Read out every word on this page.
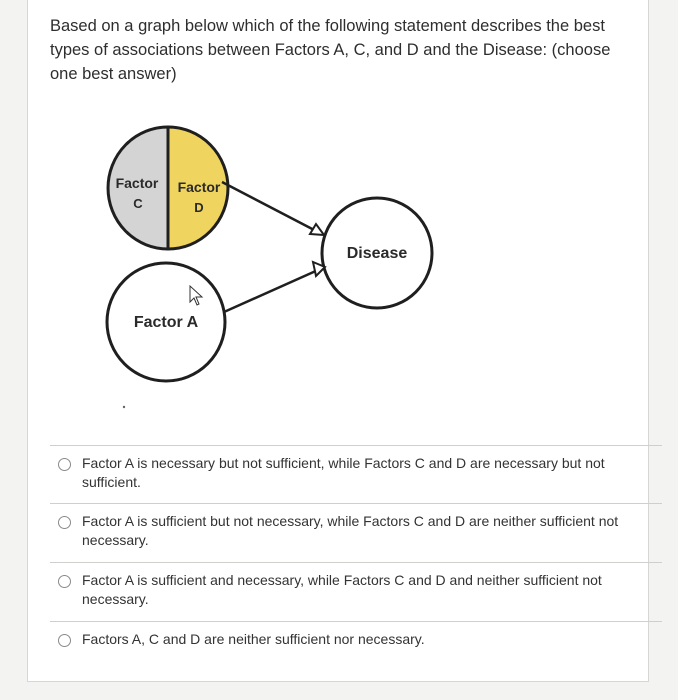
Based on a graph below which of the following statement describes the best types of associations between Factors A, C, and D and the Disease: (choose one best answer)

Factor
C
Factor
D
Disease
Factor A
Factor A is necessary but not sufficient, while Factors C and D are necessary but not sufficient.
Factor A is sufficient but not necessary, while Factors C and D are neither sufficient not necessary.
Factor A is sufficient and necessary, while Factors C and D and neither sufficient not necessary.
Factors A, C and D are neither sufficient nor necessary.
